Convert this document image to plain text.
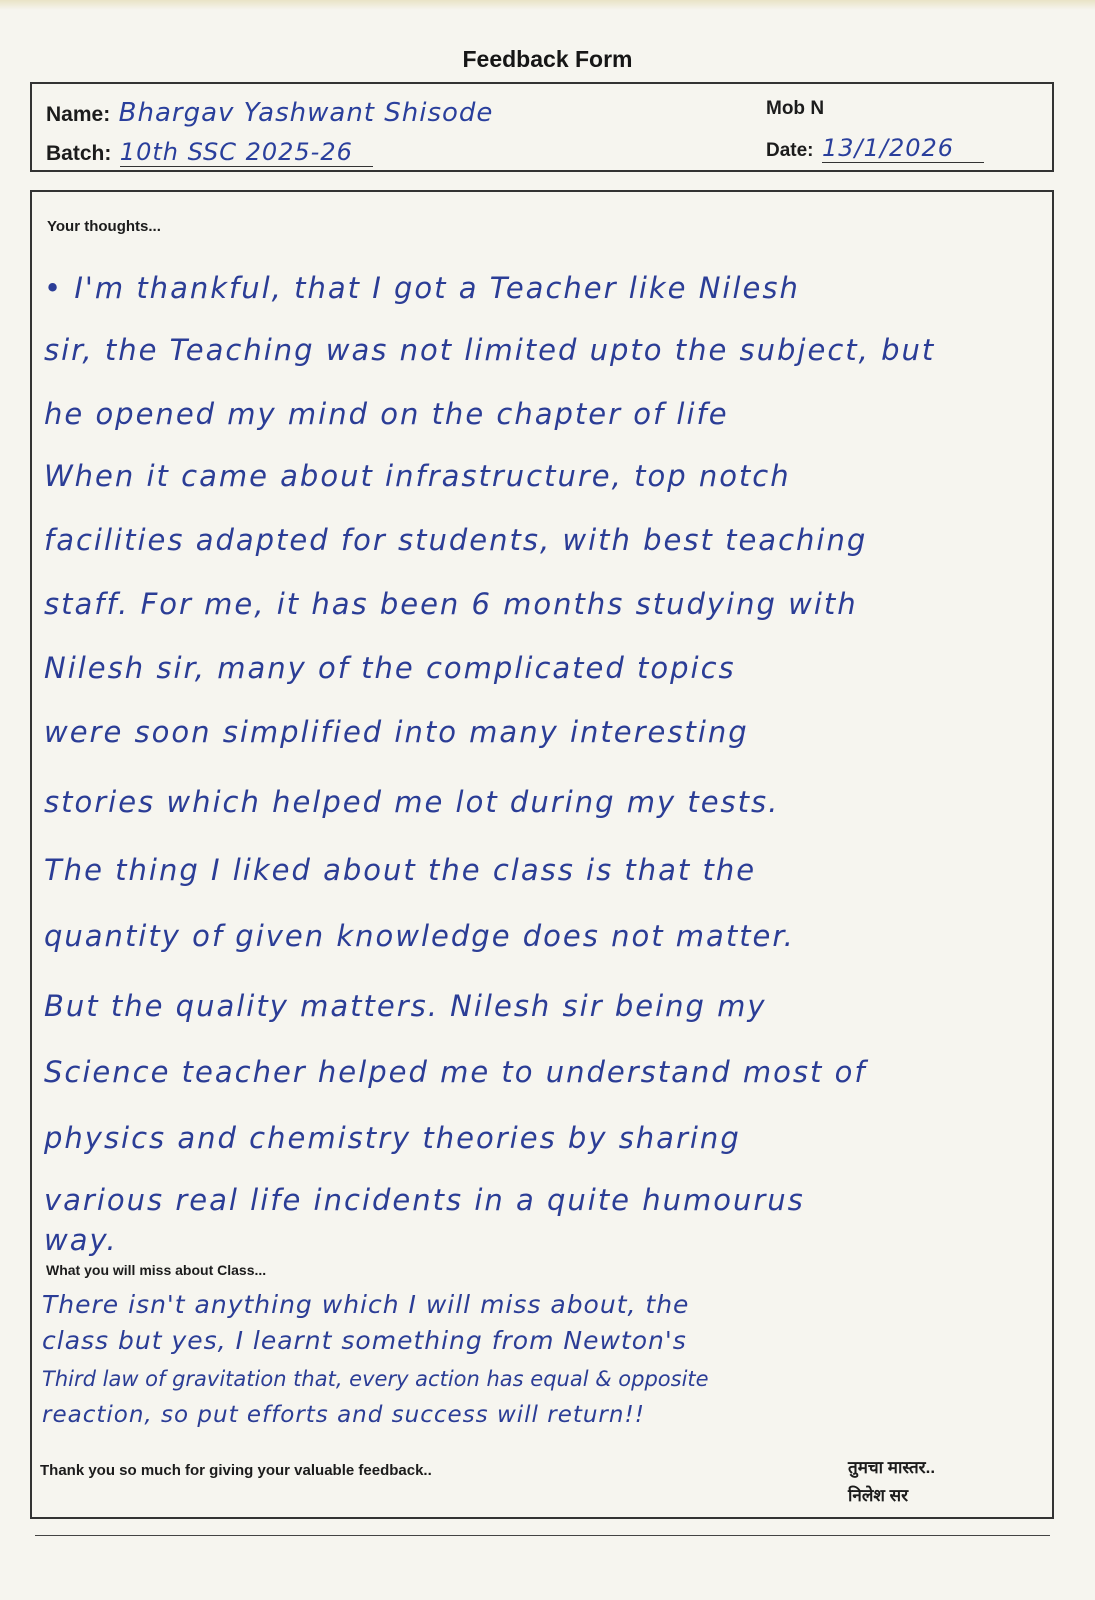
Feedback Form
Name: Bhargav Yashwant Shisode	Mob N
Batch: 10th SSC 2025-26	Date: 13/1/2026
Your thoughts...
• I'm thankful, that I got a Teacher like Nilesh
sir, the Teaching was not limited upto the subject, but
he opened my mind on the chapter of life
When it came about infrastructure, top notch
facilities adapted for students, with best teaching
staff. For me, it has been 6 months studying with
Nilesh sir, many of the complicated topics
were soon simplified into many interesting
stories which helped me lot during my tests.
The thing I liked about the class is that the
quantity of given knowledge does not matter.
But the quality matters. Nilesh sir being my
Science teacher helped me to understand most of
physics and chemistry theories by sharing
various real life incidents in a quite humourus
way.
What you will miss about Class...
There isn't anything which I will miss about, the
class but yes, I learnt something from Newton's
Third law of gravitation that, every action has equal & opposite
reaction, so put efforts and success will return!!
Thank you so much for giving your valuable feedback..	तुमचा मास्तर..
निलेश सर
